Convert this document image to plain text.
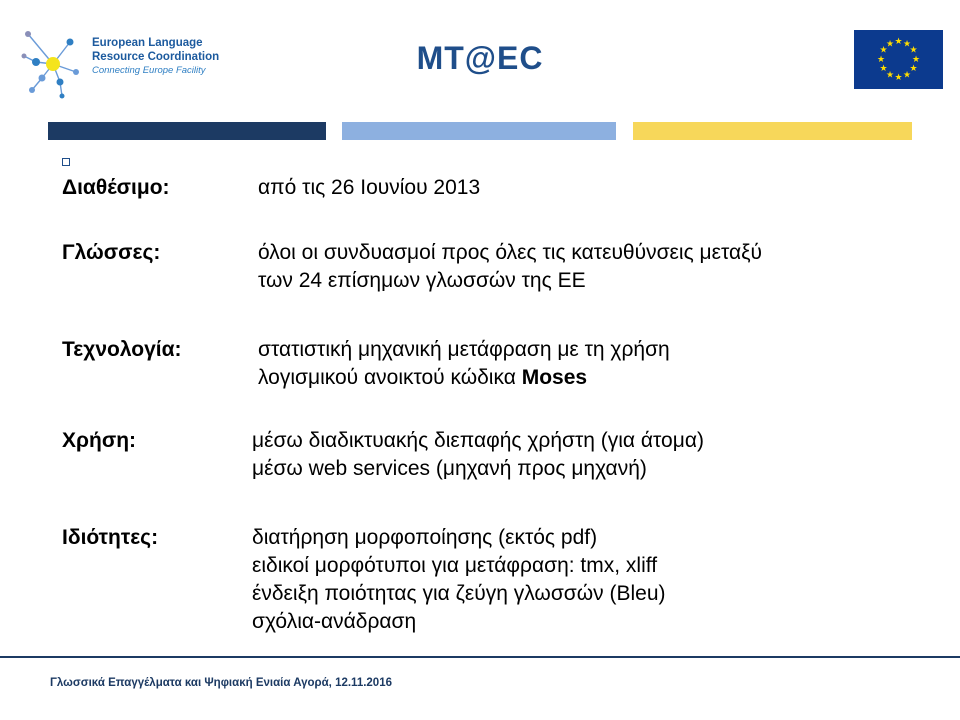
European Language
Resource Coordination
Connecting Europe Facility	MT@EC	★ ★
★
★
★
★
★
★
★
★
★
★
Διαθέσιμο:	από τις 26 Ιουνίου 2013
Γλώσσες:	όλοι οι συνδυασμοί προς όλες τις κατευθύνσεις μεταξύ
των 24 επίσημων γλωσσών της ΕΕ
Τεχνολογία:	στατιστική μηχανική μετάφραση με τη χρήση
λογισμικού ανοικτού κώδικα Moses
Χρήση:	μέσω διαδικτυακής διεπαφής χρήστη (για άτομα)
μέσω web services (μηχανή προς μηχανή)
Ιδιότητες:	διατήρηση μορφοποίησης (εκτός pdf)
ειδικοί μορφότυποι για μετάφραση: tmx, xliff
ένδειξη ποιότητας για ζεύγη γλωσσών (Bleu)
σχόλια-ανάδραση
Γλωσσικά Επαγγέλματα και Ψηφιακή Ενιαία Αγορά, 12.11.2016
